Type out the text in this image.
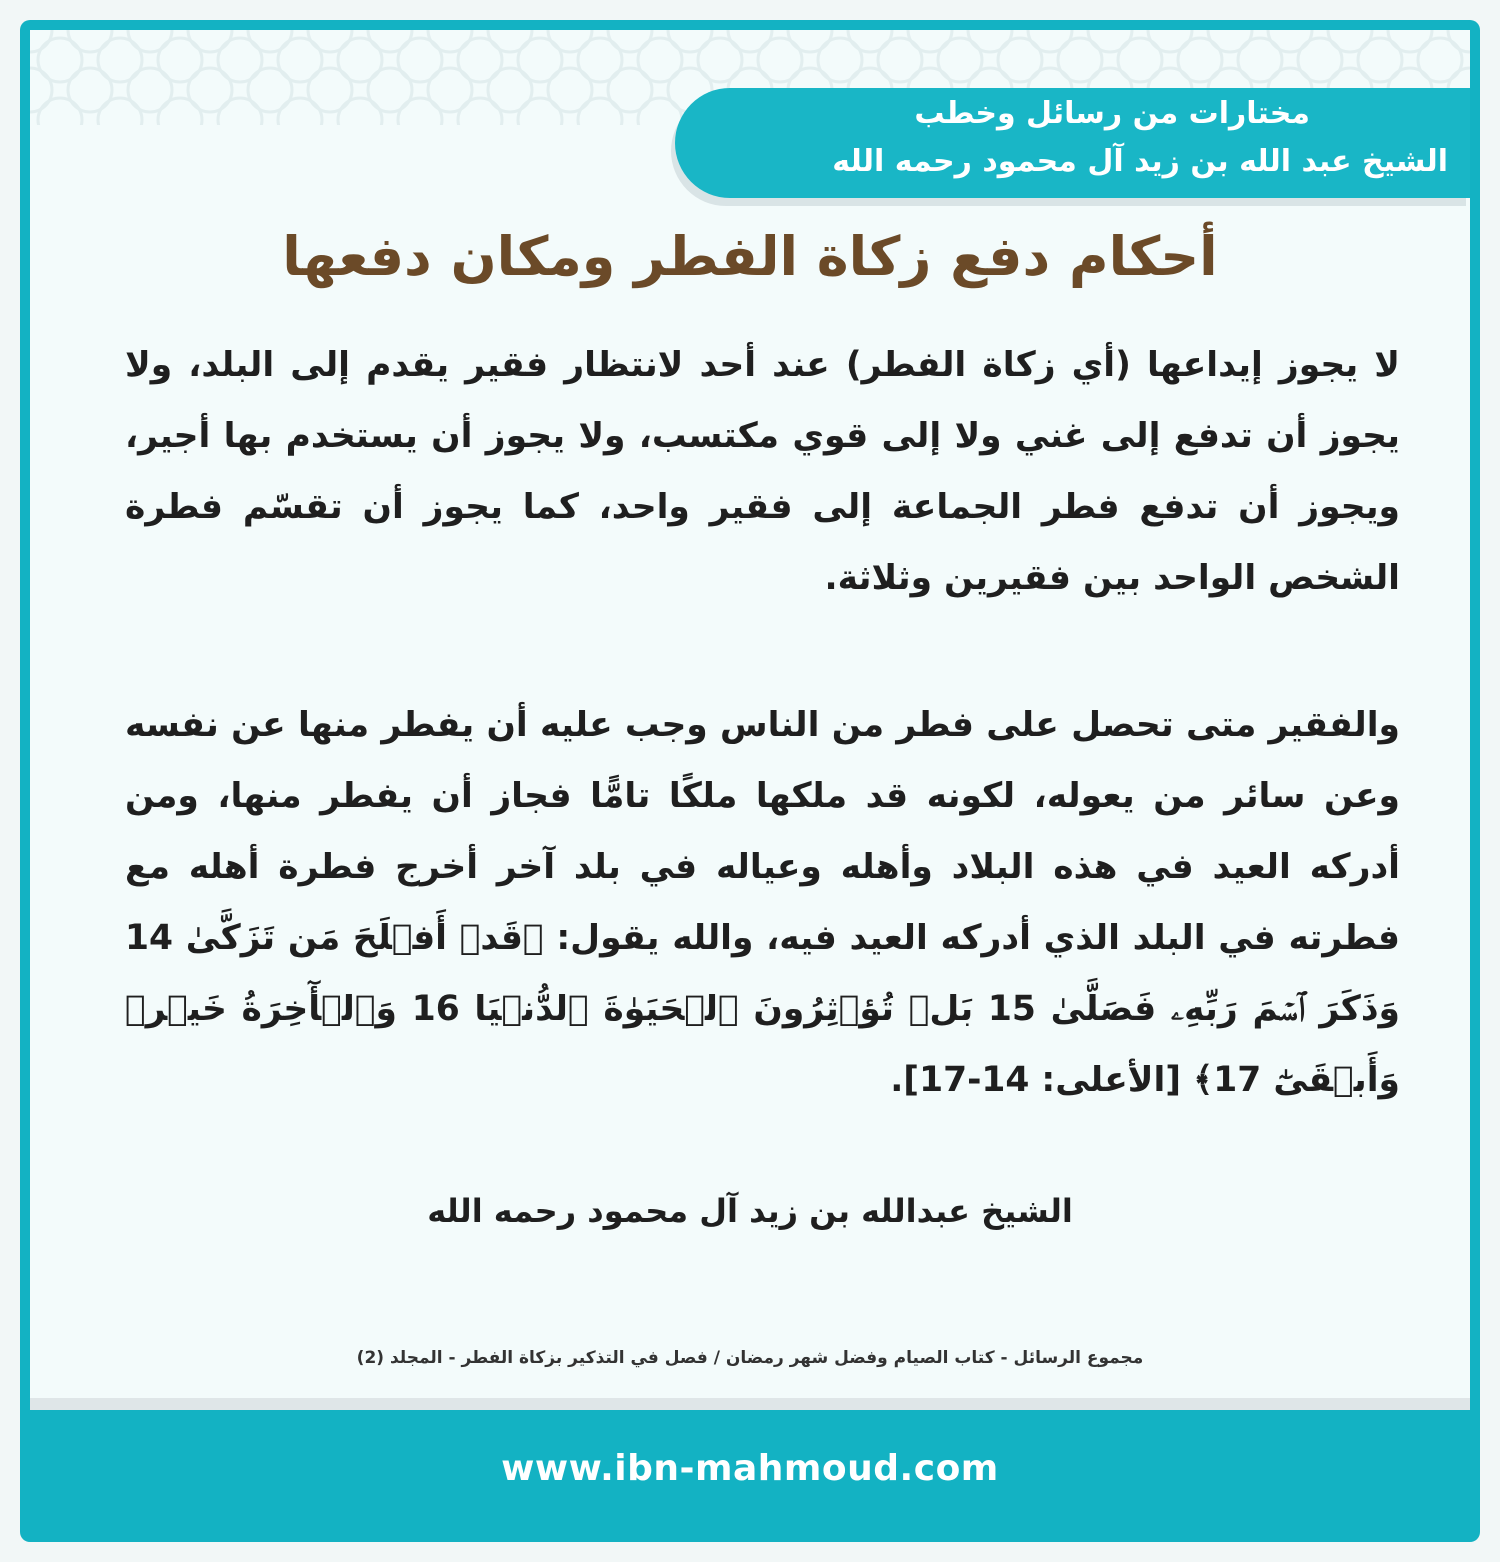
مختارات من رسائل وخطب
الشيخ عبد الله بن زيد آل محمود رحمه الله
أحكام دفع زكاة الفطر ومكان دفعها

لا يجوز إيداعها (أي زكاة الفطر) عند أحد لانتظار فقير يقدم إلى البلد، ولا يجوز أن تدفع إلى غني ولا إلى قوي مكتسب، ولا يجوز أن يستخدم بها أجير، ويجوز أن تدفع فطر الجماعة إلى فقير واحد، كما يجوز أن تقسّم فطرة الشخص الواحد بين فقيرين وثلاثة.

والفقير متى تحصل على فطر من الناس وجب عليه أن يفطر منها عن نفسه وعن سائر من يعوله، لكونه قد ملكها ملكًا تامًّا فجاز أن يفطر منها، ومن أدركه العيد في هذه البلاد وأهله وعياله في بلد آخر أخرج فطرة أهله مع فطرته في البلد الذي أدركه العيد فيه، والله يقول: ﴿قَدۡ أَفۡلَحَ مَن تَزَكَّىٰ 14 وَذَكَرَ ٱسۡمَ رَبِّهِۦ فَصَلَّىٰ 15 بَلۡ تُؤۡثِرُونَ ٱلۡحَيَوٰةَ ٱلدُّنۡيَا 16 وَٱلۡأٓخِرَةُ خَيۡرٞ وَأَبۡقَىٰٓ 17﴾ [الأعلى: 14-17].

الشيخ عبدالله بن زيد آل محمود رحمه الله
مجموع الرسائل - كتاب الصيام وفضل شهر رمضان / فصل في التذكير بزكاة الفطر - المجلد (2)
www.ibn-mahmoud.com
